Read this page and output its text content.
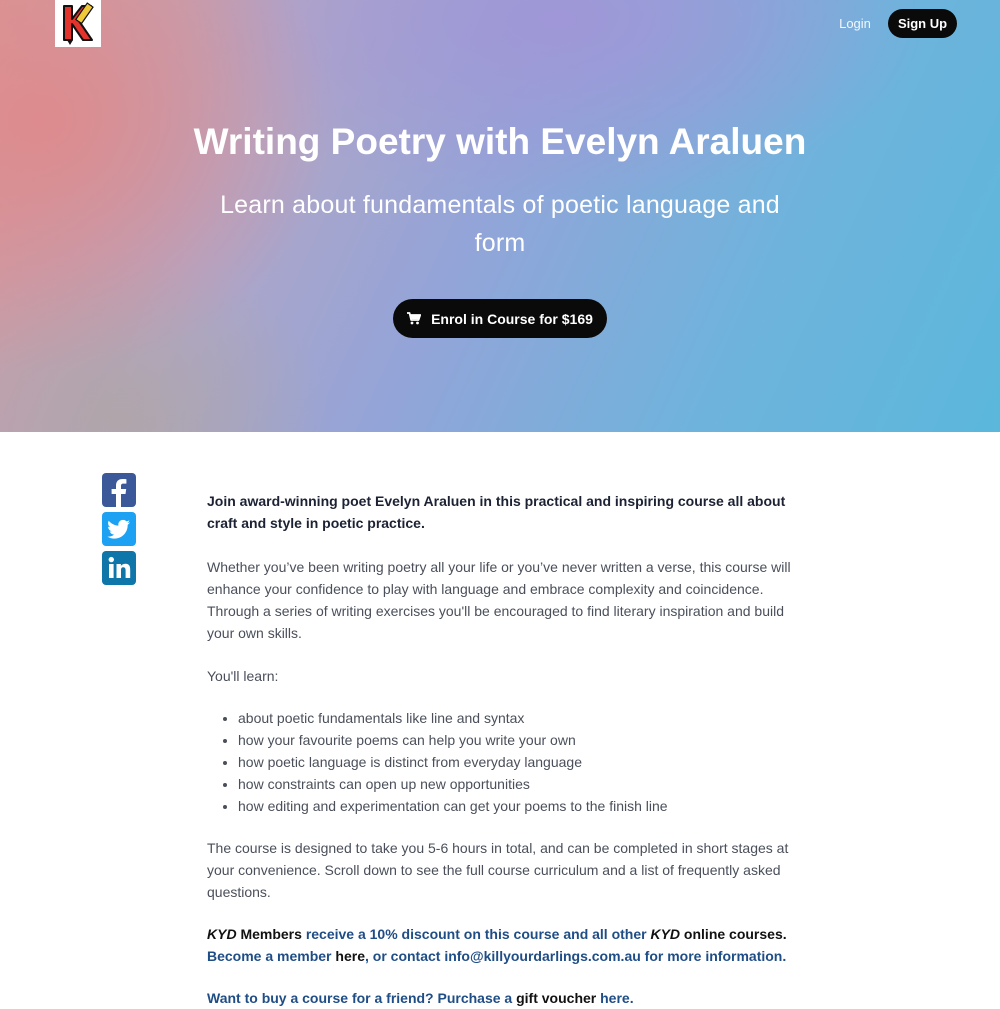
Login	Sign Up
Writing Poetry with Evelyn Araluen
Learn about fundamentals of poetic language and form
Enrol in Course for $169

Join award-winning poet Evelyn Araluen in this practical and inspiring course all about craft and style in poetic practice.

Whether you’ve been writing poetry all your life or you’ve never written a verse, this course will enhance your confidence to play with language and embrace complexity and coincidence. Through a series of writing exercises you'll be encouraged to find literary inspiration and build your own skills.

You'll learn:

• about poetic fundamentals like line and syntax
• how your favourite poems can help you write your own
• how poetic language is distinct from everyday language
• how constraints can open up new opportunities
• how editing and experimentation can get your poems to the finish line

The course is designed to take you 5-6 hours in total, and can be completed in short stages at your convenience. Scroll down to see the full course curriculum and a list of frequently asked questions.

KYD Members receive a 10% discount on this course and all other KYD online courses.
Become a member here, or contact info@killyourdarlings.com.au for more information.

Want to buy a course for a friend? Purchase a gift voucher here.
